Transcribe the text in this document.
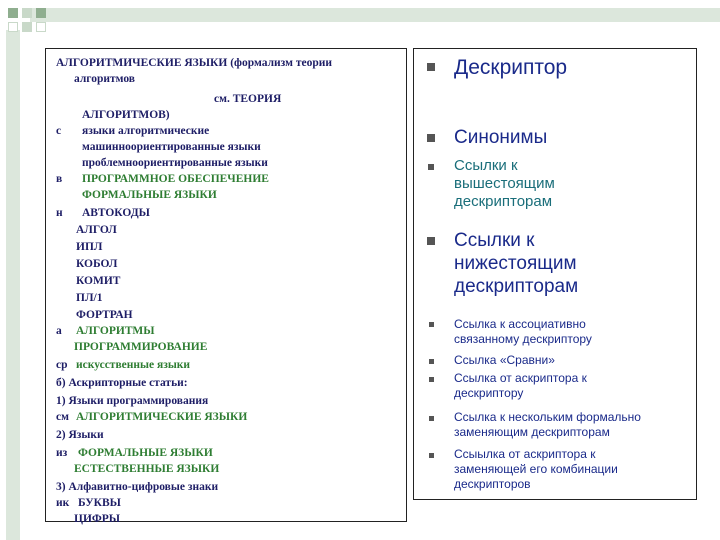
АЛГОРИТМИЧЕСКИЕ ЯЗЫКИ (формализм теории
алгоритмов
см. ТЕОРИЯ
АЛГОРИТМОВ)
с языки алгоритмические
машинноориентированные языки
проблемноориентированные языки
в ПРОГРАММНОЕ ОБЕСПЕЧЕНИЕ
ФОРМАЛЬНЫЕ ЯЗЫКИ
н АВТОКОДЫ
АЛГОЛ
ИПЛ
КОБОЛ
КОМИТ
ПЛ/1
ФОРТРАН
а АЛГОРИТМЫ
ПРОГРАММИРОВАНИЕ
ср искусственные языки
б) Аскрипторные статьи:
1) Языки программирования
см АЛГОРИТМИЧЕСКИЕ ЯЗЫКИ
2) Языки
из ФОРМАЛЬНЫЕ ЯЗЫКИ
ЕСТЕСТВЕННЫЕ ЯЗЫКИ
3) Алфавитно-цифровые знаки
ик БУКВЫ
ЦИФРЫ
Дескриптор
Синонимы
Ссылки к
вышестоящим
дескрипторам
Ссылки к
нижестоящим
дескрипторам
Ссылка к ассоциативно
связанному дескриптору
Ссылка «Сравни»
Ссылка от аскриптора к
дескриптору
Ссылка к нескольким формально
заменяющим дескрипторам
Ссыылка от аскриптора к
заменяющей его комбинации
дескрипторов
